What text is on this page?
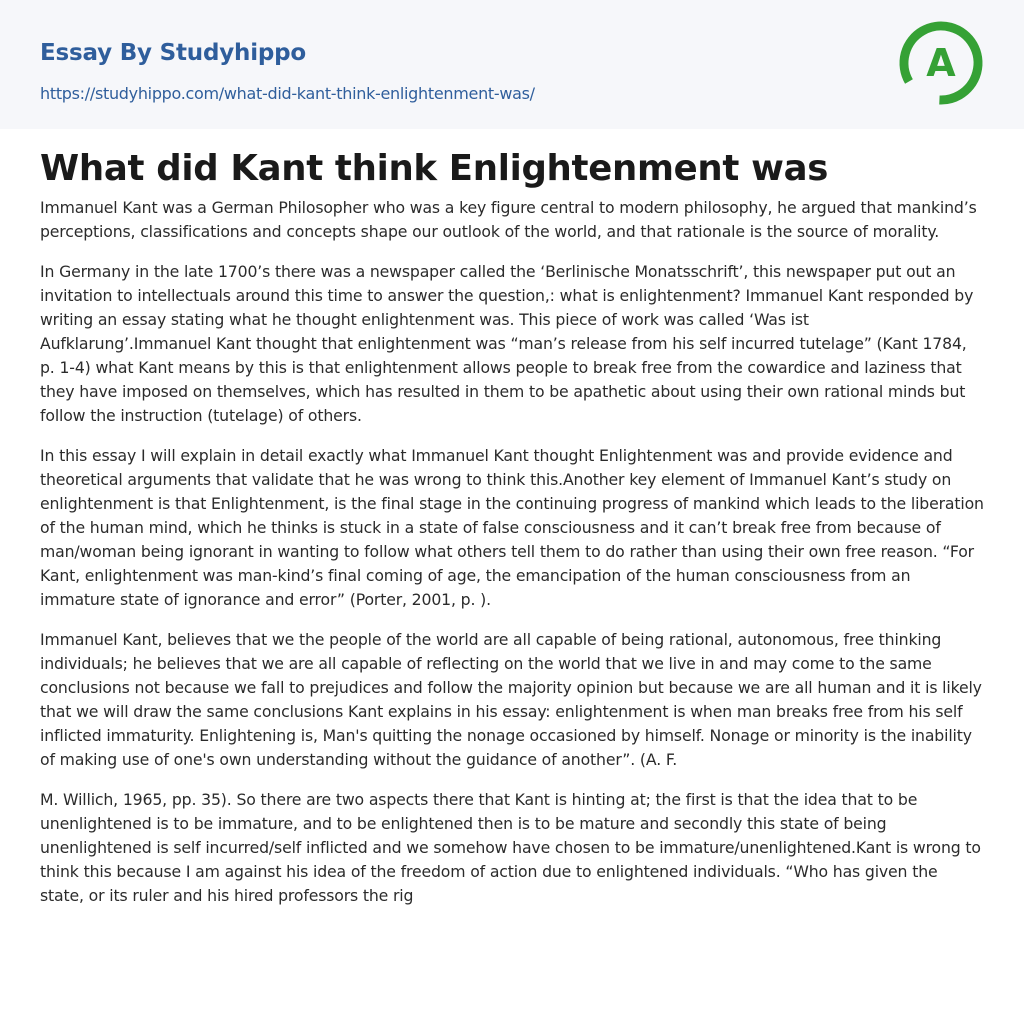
Essay By Studyhippo
https://studyhippo.com/what-did-kant-think-enlightenment-was/
A
What did Kant think Enlightenment was

Immanuel Kant was a German Philosopher who was a key figure central to modern philosophy, he argued that mankind’s perceptions, classifications and concepts shape our outlook of the world, and that rationale is the source of morality.

In Germany in the late 1700’s there was a newspaper called the ‘Berlinische Monatsschrift’, this newspaper put out an invitation to intellectuals around this time to answer the question,: what is enlightenment? Immanuel Kant responded by writing an essay stating what he thought enlightenment was. This piece of work was called ‘Was ist Aufklarung’.Immanuel Kant thought that enlightenment was “man’s release from his self incurred tutelage” (Kant 1784, p. 1-4) what Kant means by this is that enlightenment allows people to break free from the cowardice and laziness that they have imposed on themselves, which has resulted in them to be apathetic about using their own rational minds but follow the instruction (tutelage) of others.

In this essay I will explain in detail exactly what Immanuel Kant thought Enlightenment was and provide evidence and theoretical arguments that validate that he was wrong to think this.Another key element of Immanuel Kant’s study on enlightenment is that Enlightenment, is the final stage in the continuing progress of mankind which leads to the liberation of the human mind, which he thinks is stuck in a state of false consciousness and it can’t break free from because of man/woman being ignorant in wanting to follow what others tell them to do rather than using their own free reason. “For Kant, enlightenment was man-kind’s final coming of age, the emancipation of the human consciousness from an immature state of ignorance and error” (Porter, 2001, p. ).

Immanuel Kant, believes that we the people of the world are all capable of being rational, autonomous, free thinking individuals; he believes that we are all capable of reflecting on the world that we live in and may come to the same conclusions not because we fall to prejudices and follow the majority opinion but because we are all human and it is likely that we will draw the same conclusions Kant explains in his essay: enlightenment is when man breaks free from his self inflicted immaturity. Enlightening is, Man's quitting the nonage occasioned by himself. Nonage or minority is the inability of making use of one's own understanding without the guidance of another”. (A. F.

M. Willich, 1965, pp. 35). So there are two aspects there that Kant is hinting at; the first is that the idea that to be unenlightened is to be immature, and to be enlightened then is to be mature and secondly this state of being unenlightened is self incurred/self inflicted and we somehow have chosen to be immature/unenlightened.Kant is wrong to think this because I am against his idea of the freedom of action due to enlightened individuals. “Who has given the state, or its ruler and his hired professors the rig
